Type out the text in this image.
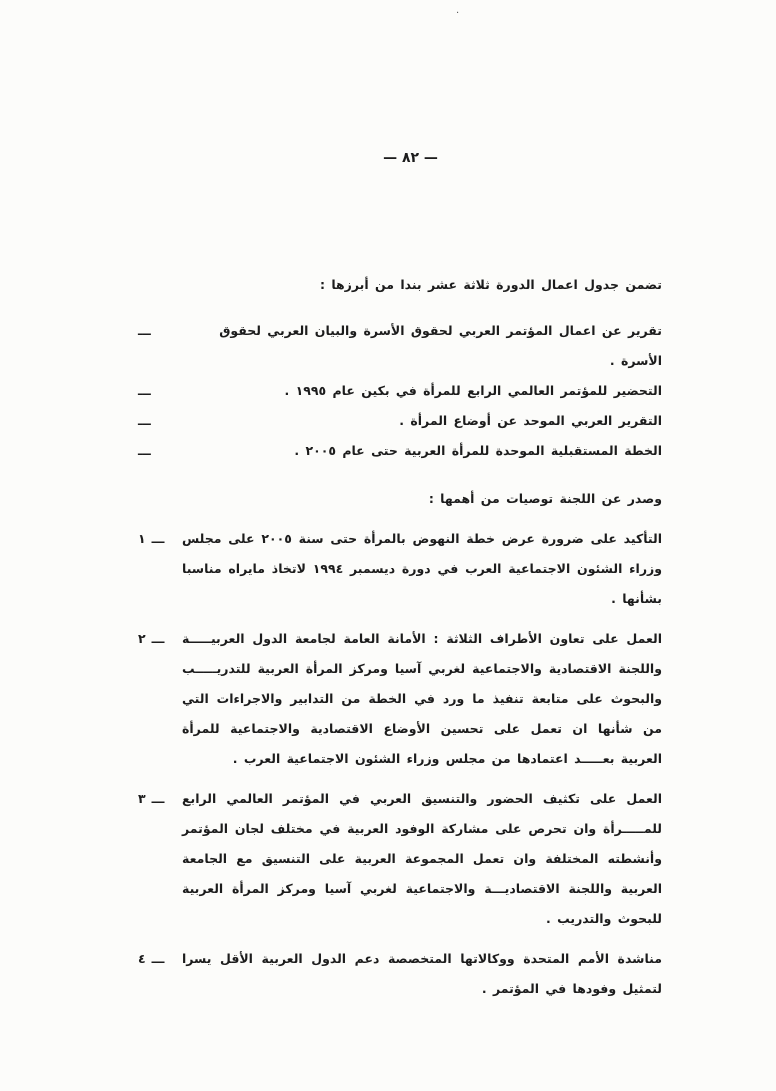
·
— ٨٢ —

تضمن جدول اعمال الدورة ثلاثة عشر بندا من أبرزها :

ـــ	تقرير عن اعمال المؤتمر العربي لحقوق الأسرة والبيان العربي لحقوق الأسرة .

ـــ	التحضير للمؤتمر العالمي الرابع للمرأة في بكين عام ١٩٩٥ .

ـــ	التقرير العربي الموحد عن أوضاع المرأة .

ـــ	الخطة المستقبلية الموحدة للمرأة العربية حتى عام ٢٠٠٥ .

وصدر عن اللجنة توصيات من أهمها :

١ ـــ التأكيد على ضرورة عرض خطة النهوض بالمرأة حتى سنة ٢٠٠٥ على مجلس وزراء الشئون الاجتماعية العرب في دورة ديسمبر ١٩٩٤ لاتخاذ مايراه مناسبا بشأنها .

٢ ـــ العمل على تعاون الأطراف الثلاثة : الأمانة العامة لجامعة الدول العربيـــــة واللجنة الاقتصادية والاجتماعية لغربي آسيا ومركز المرأة العربية للتدريـــــب والبحوث على متابعة تنفيذ ما ورد في الخطة من التدابير والاجراءات التي من شأنها ان تعمل على تحسين الأوضاع الاقتصادية والاجتماعية للمرأة العربية بعـــــد اعتمادها من مجلس وزراء الشئون الاجتماعية العرب .

٣ ـــ العمل على تكثيف الحضور والتنسيق العربي في المؤتمر العالمي الرابع للمـــــرأة وان تحرص على مشاركة الوفود العربية في مختلف لجان المؤتمر وأنشطته المختلفة وان تعمل المجموعة العربية على التنسيق مع الجامعة العربية واللجنة الاقتصاديـــة والاجتماعية لغربي آسيا ومركز المرأة العربية للبحوث والتدريب .

٤ ـــ مناشدة الأمم المتحدة ووكالاتها المتخصصة دعم الدول العربية الأقل يسرا لتمثيل وفودها في المؤتمر .
